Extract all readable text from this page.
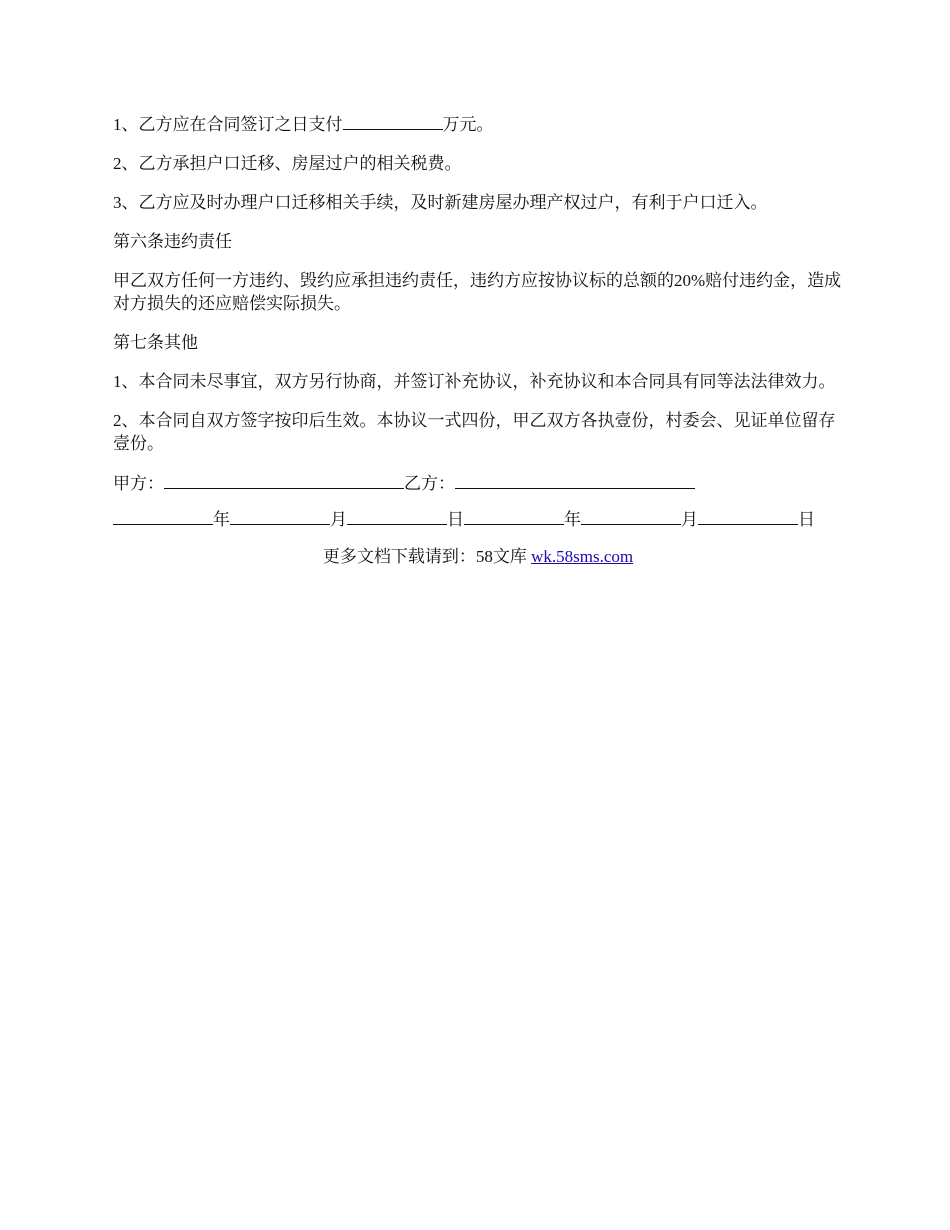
1、乙方应在合同签订之日支付	万元。

2、乙方承担户口迁移、房屋过户的相关税费。

3、乙方应及时办理户口迁移相关手续，及时新建房屋办理产权过户，有利于户口迁入。

第六条违约责任

甲乙双方任何一方违约、毁约应承担违约责任，违约方应按协议标的总额的20%赔付违约金，造成对方损失的还应赔偿实际损失。

第七条其他

1、本合同未尽事宜，双方另行协商，并签订补充协议，补充协议和本合同具有同等法法律效力。

2、本合同自双方签字按印后生效。本协议一式四份，甲乙双方各执壹份，村委会、见证单位留存壹份。

甲方：	乙方：

年	月	日	年	月	日
更多文档下载请到：58文库 wk.58sms.com
